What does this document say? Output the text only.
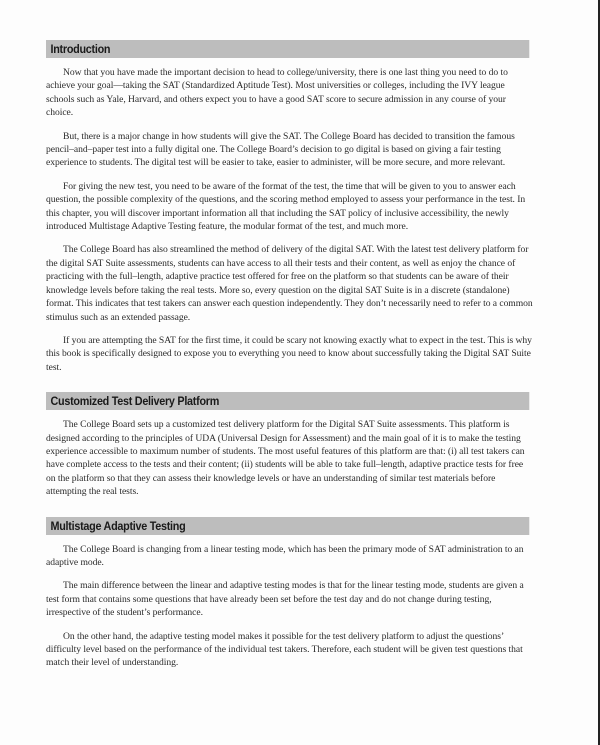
Introduction

Now that you have made the important decision to head to college/university, there is one last thing you need to do to achieve your goal—taking the SAT (Standardized Aptitude Test). Most universities or colleges, including the IVY league schools such as Yale, Harvard, and others expect you to have a good SAT score to secure admission in any course of your choice.

But, there is a major change in how students will give the SAT. The College Board has decided to transition the famous pencil–and–paper test into a fully digital one. The College Board’s decision to go digital is based on giving a fair testing experience to students. The digital test will be easier to take, easier to administer, will be more secure, and more relevant.

For giving the new test, you need to be aware of the format of the test, the time that will be given to you to answer each question, the possible complexity of the questions, and the scoring method employed to assess your performance in the test. In this chapter, you will discover important information all that including the SAT policy of inclusive accessibility, the newly introduced Multistage Adaptive Testing feature, the modular format of the test, and much more.

The College Board has also streamlined the method of delivery of the digital SAT. With the latest test delivery platform for the digital SAT Suite assessments, students can have access to all their tests and their content, as well as enjoy the chance of practicing with the full–length, adaptive practice test offered for free on the platform so that students can be aware of their knowledge levels before taking the real tests. More so, every question on the digital SAT Suite is in a discrete (standalone) format. This indicates that test takers can answer each question independently. They don’t necessarily need to refer to a common stimulus such as an extended passage.

If you are attempting the SAT for the first time, it could be scary not knowing exactly what to expect in the test. This is why this book is specifically designed to expose you to everything you need to know about successfully taking the Digital SAT Suite test.

Customized Test Delivery Platform

The College Board sets up a customized test delivery platform for the Digital SAT Suite assessments. This platform is designed according to the principles of UDA (Universal Design for Assessment) and the main goal of it is to make the testing experience accessible to maximum number of students. The most useful features of this platform are that: (i) all test takers can have complete access to the tests and their content; (ii) students will be able to take full–length, adaptive practice tests for free on the platform so that they can assess their knowledge levels or have an understanding of similar test materials before attempting the real tests.

Multistage Adaptive Testing

The College Board is changing from a linear testing mode, which has been the primary mode of SAT administration to an adaptive mode.

The main difference between the linear and adaptive testing modes is that for the linear testing mode, students are given a test form that contains some questions that have already been set before the test day and do not change during testing, irrespective of the student’s performance.

On the other hand, the adaptive testing model makes it possible for the test delivery platform to adjust the questions’ difficulty level based on the performance of the individual test takers. Therefore, each student will be given test questions that match their level of understanding.
